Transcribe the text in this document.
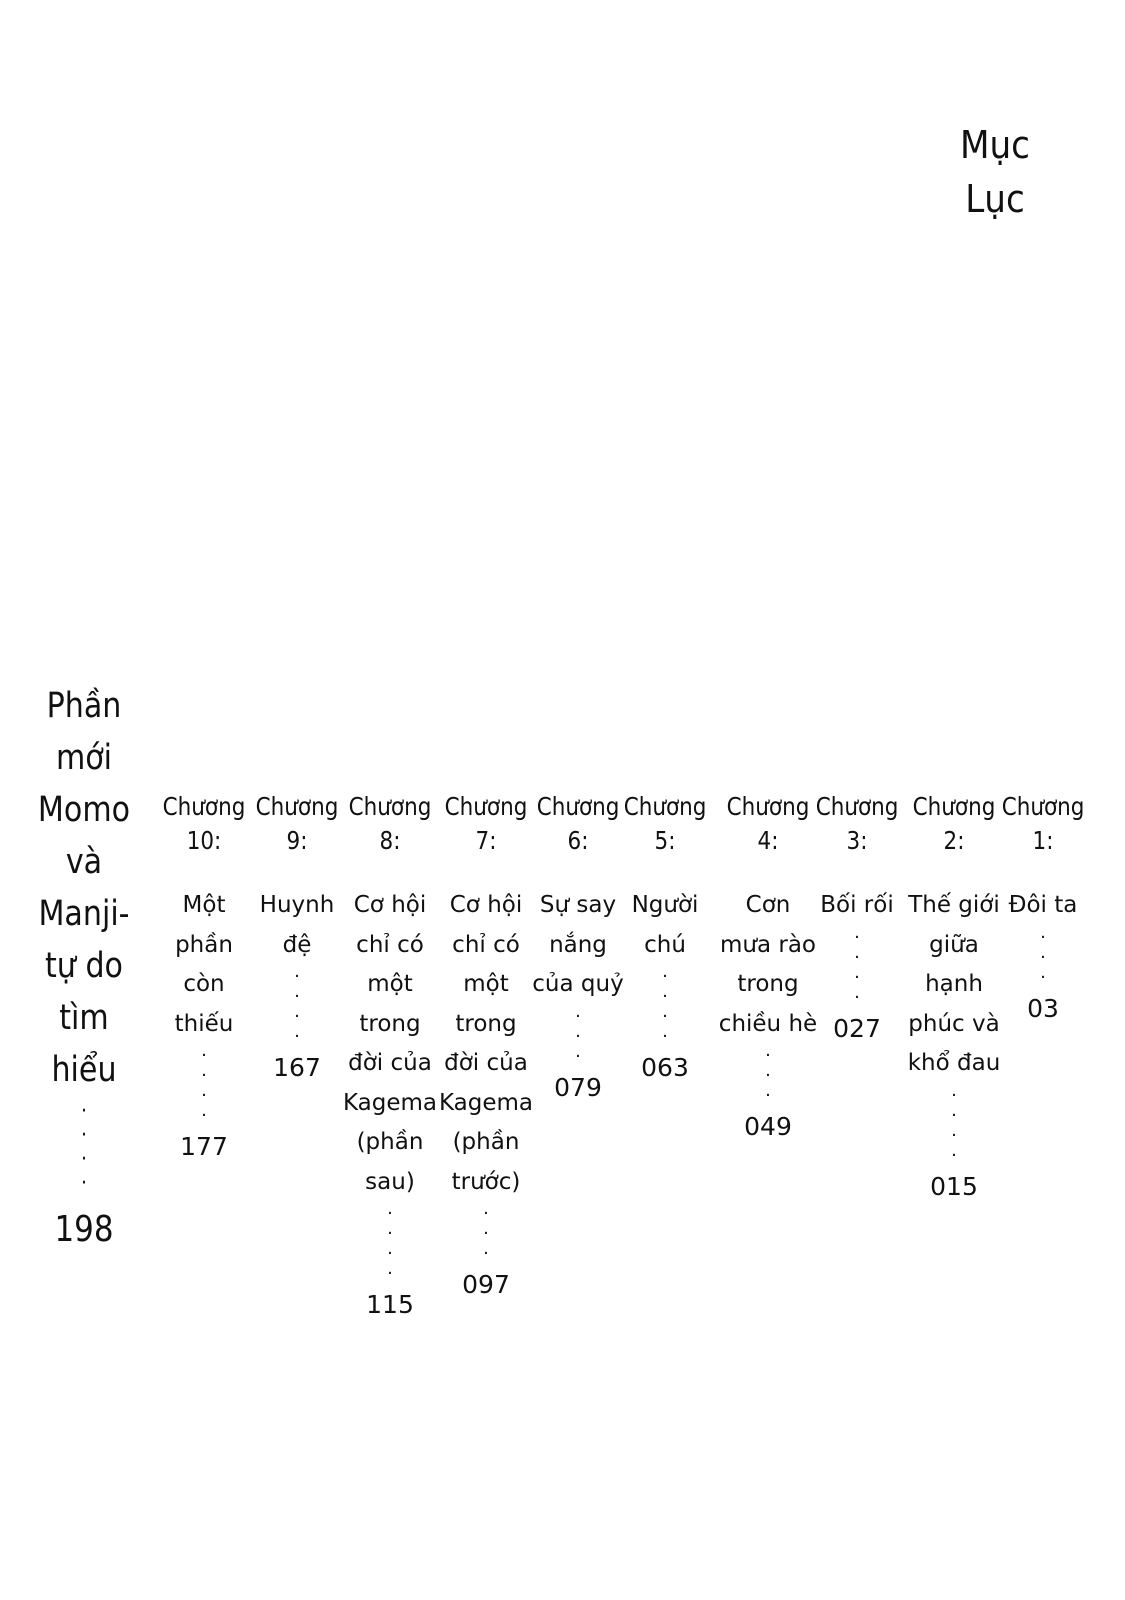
Mục
Lục
Phần mới Momo và Manji-tự do tìm hiểu
·
·
·
·
198
Chương
10:
Một phần còn thiếu
·
·
·
·
177
Chương
9:
Huynh đệ
·
·
·
·
167
Chương
8:
Cơ hội chỉ có một trong đời của Kagema (phần sau)
·
·
·
·
115
Chương
7:
Cơ hội chỉ có một trong đời của Kagema (phần trước)
·
·
·
097
Chương
6:
Sự say nắng của quỷ
·
·
·
079
Chương
5:
Người chú
·
·
·
·
063
Chương
4:
Cơn mưa rào trong chiều hè
·
·
·
049
Chương
3:
Bối rối
·
·
·
·
027
Chương
2:
Thế giới giữa hạnh phúc và khổ đau
·
·
·
·
015
Chương
1:
Đôi ta
·
·
·
03
